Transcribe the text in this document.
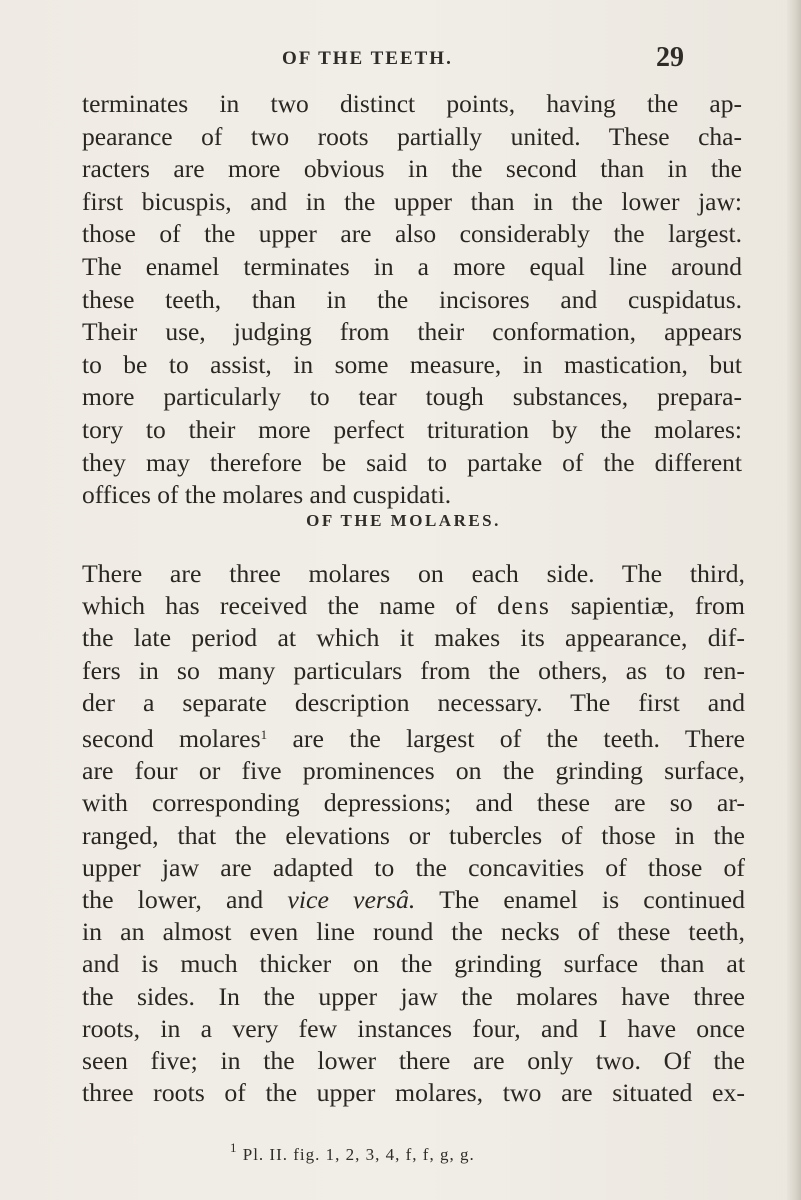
OF THE TEETH.	29

terminates in two distinct points, having the ap-
pearance of two roots partially united. These cha-
racters are more obvious in the second than in the
first bicuspis, and in the upper than in the lower jaw:
those of the upper are also considerably the largest.
The enamel terminates in a more equal line around
these teeth, than in the incisores and cuspidatus.
Their use, judging from their conformation, appears
to be to assist, in some measure, in mastication, but
more particularly to tear tough substances, prepara-
tory to their more perfect trituration by the molares:
they may therefore be said to partake of the different
offices of the molares and cuspidati.

OF THE MOLARES.

There are three molares on each side. The third,
which has received the name of dens sapientiæ, from
the late period at which it makes its appearance, dif-
fers in so many particulars from the others, as to ren-
der a separate description necessary. The first and
second molares$^1$ are the largest of the teeth. There
are four or five prominences on the grinding surface,
with corresponding depressions; and these are so ar-
ranged, that the elevations or tubercles of those in the
upper jaw are adapted to the concavities of those of
the lower, and vice versâ. The enamel is continued
in an almost even line round the necks of these teeth,
and is much thicker on the grinding surface than at
the sides. In the upper jaw the molares have three
roots, in a very few instances four, and I have once
seen five; in the lower there are only two. Of the
three roots of the upper molares, two are situated ex-

$^1$ Pl. II. fig. 1, 2, 3, 4, f, f, g, g.
